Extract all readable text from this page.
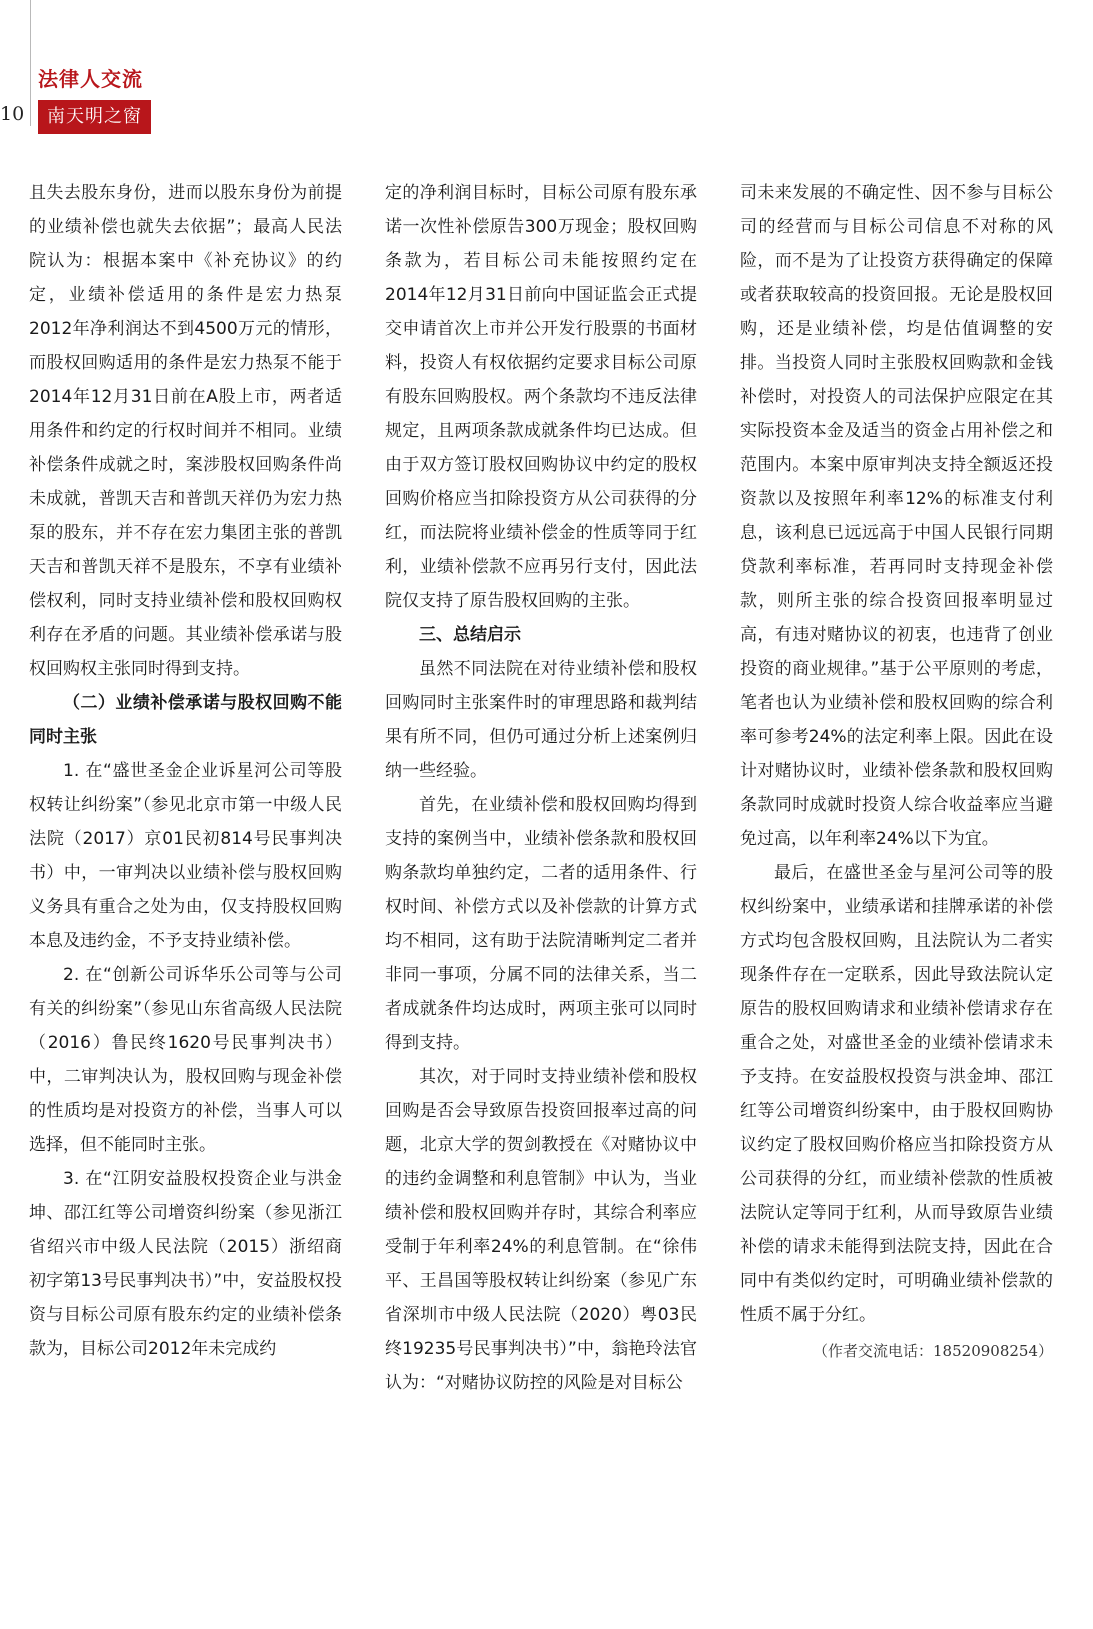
10
法律人交流
南天明之窗

且失去股东身份，进而以股东身份为前提的业绩补偿也就失去依据”；最高人民法院认为：根据本案中《补充协议》的约定，业绩补偿适用的条件是宏力热泵2012年净利润达不到4500万元的情形，而股权回购适用的条件是宏力热泵不能于2014年12月31日前在A股上市，两者适用条件和约定的行权时间并不相同。业绩补偿条件成就之时，案涉股权回购条件尚未成就，普凯天吉和普凯天祥仍为宏力热泵的股东，并不存在宏力集团主张的普凯天吉和普凯天祥不是股东，不享有业绩补偿权利，同时支持业绩补偿和股权回购权利存在矛盾的问题。其业绩补偿承诺与股权回购权主张同时得到支持。

（二）业绩补偿承诺与股权回购不能同时主张

1. 在“盛世圣金企业诉星河公司等股权转让纠纷案”（参见北京市第一中级人民法院（2017）京01民初814号民事判决书）中，一审判决以业绩补偿与股权回购义务具有重合之处为由，仅支持股权回购本息及违约金，不予支持业绩补偿。

2. 在“创新公司诉华乐公司等与公司有关的纠纷案”（参见山东省高级人民法院（2016）鲁民终1620号民事判决书）中，二审判决认为，股权回购与现金补偿的性质均是对投资方的补偿，当事人可以选择，但不能同时主张。

3. 在“江阴安益股权投资企业与洪金坤、邵江红等公司增资纠纷案（参见浙江省绍兴市中级人民法院（2015）浙绍商初字第13号民事判决书）”中，安益股权投资与目标公司原有股东约定的业绩补偿条款为，目标公司2012年未完成约

定的净利润目标时，目标公司原有股东承诺一次性补偿原告300万现金；股权回购条款为，若目标公司未能按照约定在2014年12月31日前向中国证监会正式提交申请首次上市并公开发行股票的书面材料，投资人有权依据约定要求目标公司原有股东回购股权。两个条款均不违反法律规定，且两项条款成就条件均已达成。但由于双方签订股权回购协议中约定的股权回购价格应当扣除投资方从公司获得的分红，而法院将业绩补偿金的性质等同于红利，业绩补偿款不应再另行支付，因此法院仅支持了原告股权回购的主张。

三、总结启示

虽然不同法院在对待业绩补偿和股权回购同时主张案件时的审理思路和裁判结果有所不同，但仍可通过分析上述案例归纳一些经验。

首先，在业绩补偿和股权回购均得到支持的案例当中，业绩补偿条款和股权回购条款均单独约定，二者的适用条件、行权时间、补偿方式以及补偿款的计算方式均不相同，这有助于法院清晰判定二者并非同一事项，分属不同的法律关系，当二者成就条件均达成时，两项主张可以同时得到支持。

其次，对于同时支持业绩补偿和股权回购是否会导致原告投资回报率过高的问题，北京大学的贺剑教授在《对赌协议中的违约金调整和利息管制》中认为，当业绩补偿和股权回购并存时，其综合利率应受制于年利率24%的利息管制。在“徐伟平、王昌国等股权转让纠纷案（参见广东省深圳市中级人民法院（2020）粤03民终19235号民事判决书）”中，翁艳玲法官认为：“对赌协议防控的风险是对目标公

司未来发展的不确定性、因不参与目标公司的经营而与目标公司信息不对称的风险，而不是为了让投资方获得确定的保障或者获取较高的投资回报。无论是股权回购，还是业绩补偿，均是估值调整的安排。当投资人同时主张股权回购款和金钱补偿时，对投资人的司法保护应限定在其实际投资本金及适当的资金占用补偿之和范围内。本案中原审判决支持全额返还投资款以及按照年利率12%的标准支付利息，该利息已远远高于中国人民银行同期贷款利率标准，若再同时支持现金补偿款，则所主张的综合投资回报率明显过高，有违对赌协议的初衷，也违背了创业投资的商业规律。”基于公平原则的考虑，笔者也认为业绩补偿和股权回购的综合利率可参考24%的法定利率上限。因此在设计对赌协议时，业绩补偿条款和股权回购条款同时成就时投资人综合收益率应当避免过高，以年利率24%以下为宜。

最后，在盛世圣金与星河公司等的股权纠纷案中，业绩承诺和挂牌承诺的补偿方式均包含股权回购，且法院认为二者实现条件存在一定联系，因此导致法院认定原告的股权回购请求和业绩补偿请求存在重合之处，对盛世圣金的业绩补偿请求未予支持。在安益股权投资与洪金坤、邵江红等公司增资纠纷案中，由于股权回购协议约定了股权回购价格应当扣除投资方从公司获得的分红，而业绩补偿款的性质被法院认定等同于红利，从而导致原告业绩补偿的请求未能得到法院支持，因此在合同中有类似约定时，可明确业绩补偿款的性质不属于分红。

（作者交流电话：18520908254）
